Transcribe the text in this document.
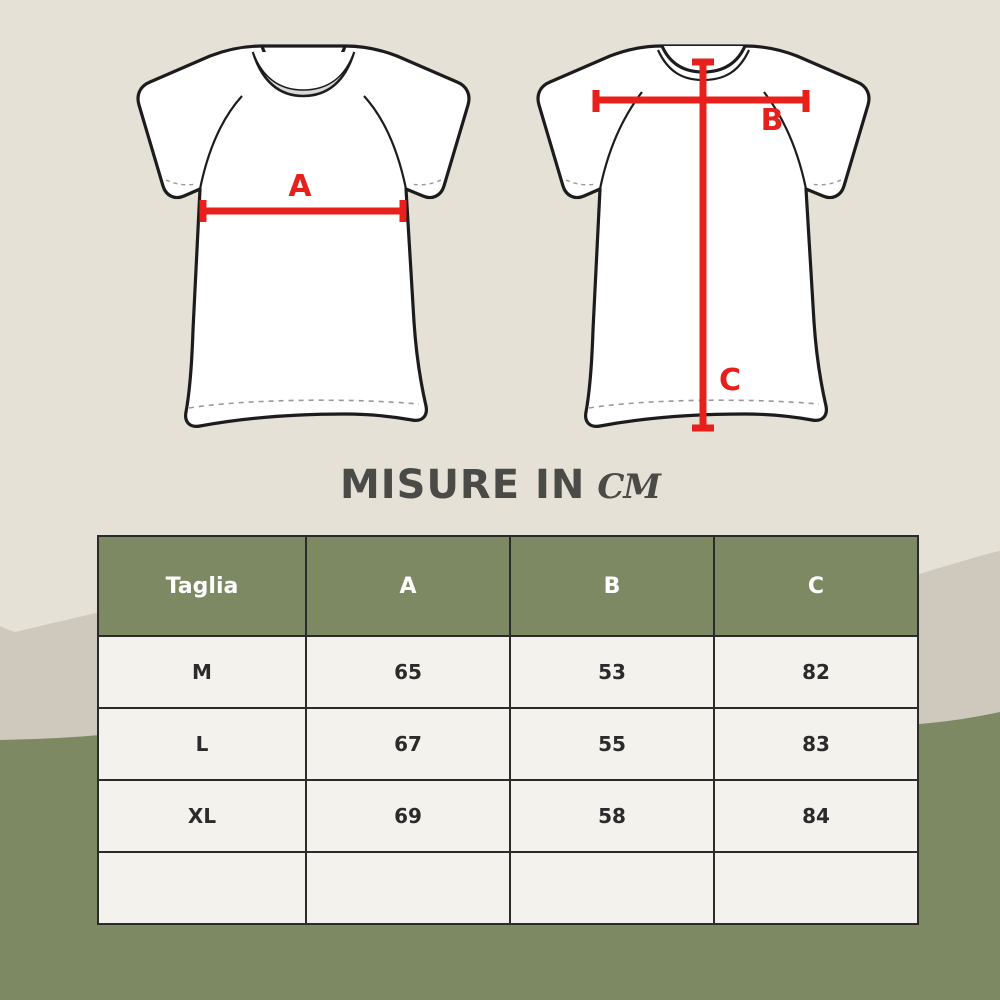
A
B
C
MISURE IN CM
Taglia	A	B	C
M	65	53	82
L	67	55	83
XL	69	58	84
